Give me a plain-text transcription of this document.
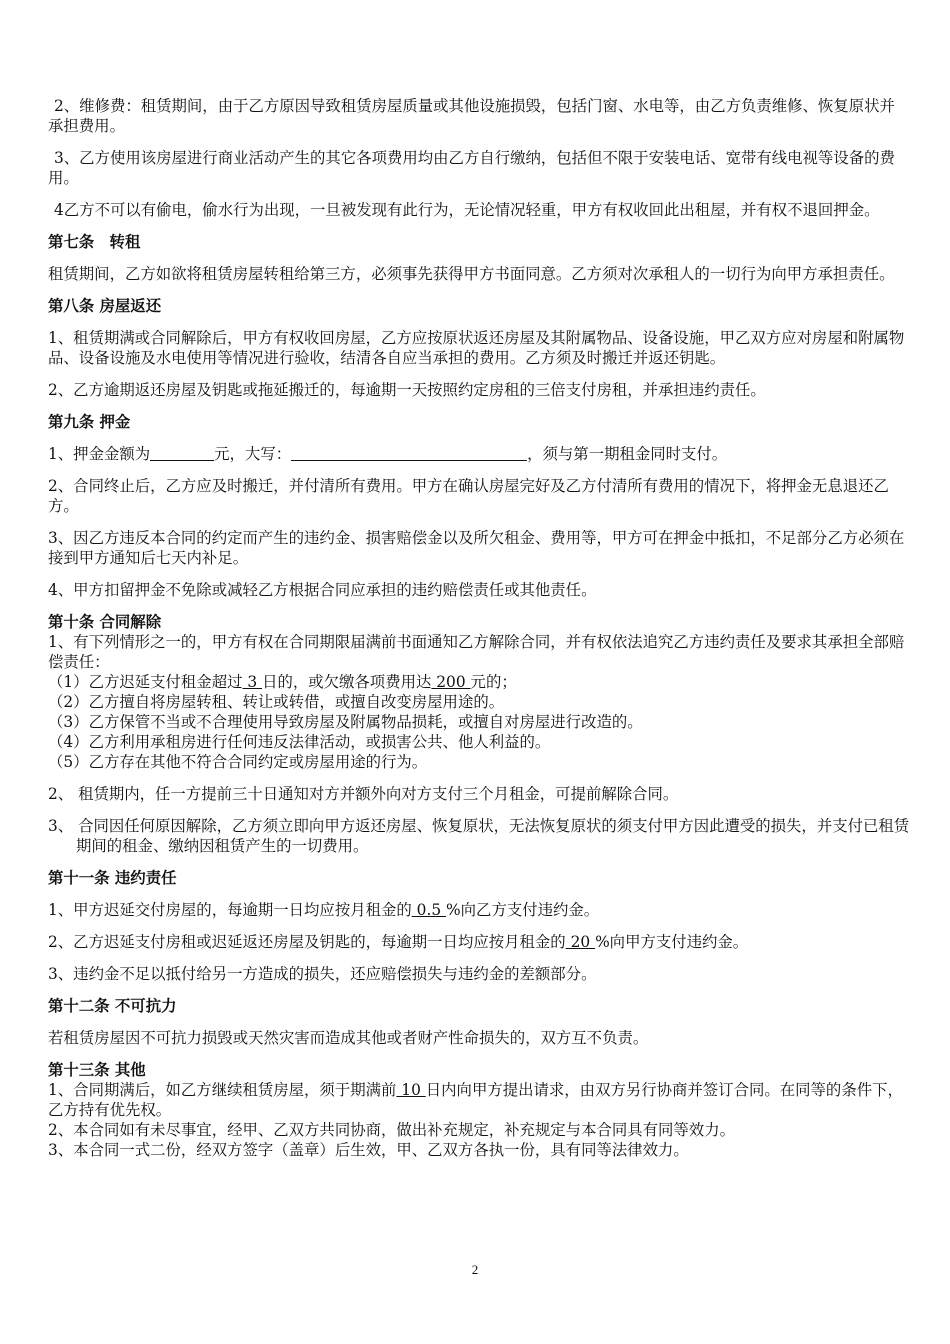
2、维修费：租赁期间，由于乙方原因导致租赁房屋质量或其他设施损毁，包括门窗、水电等，由乙方负责维修、恢复原状并承担费用。

3、乙方使用该房屋进行商业活动产生的其它各项费用均由乙方自行缴纳，包括但不限于安装电话、宽带有线电视等设备的费用。

4乙方不可以有偷电，偷水行为出现，一旦被发现有此行为，无论情况轻重，甲方有权收回此出租屋，并有权不退回押金。

第七条 转租

租赁期间，乙方如欲将租赁房屋转租给第三方，必须事先获得甲方书面同意。乙方须对次承租人的一切行为向甲方承担责任。

第八条 房屋返还

1、租赁期满或合同解除后，甲方有权收回房屋，乙方应按原状返还房屋及其附属物品、设备设施，甲乙双方应对房屋和附属物品、设备设施及水电使用等情况进行验收，结清各自应当承担的费用。乙方须及时搬迁并返还钥匙。

2、乙方逾期返还房屋及钥匙或拖延搬迁的，每逾期一天按照约定房租的三倍支付房租，并承担违约责任。

第九条 押金

1、押金金额为	元，大写：	，须与第一期租金同时支付。

2、合同终止后，乙方应及时搬迁，并付清所有费用。甲方在确认房屋完好及乙方付清所有费用的情况下，将押金无息退还乙方。

3、因乙方违反本合同的约定而产生的违约金、损害赔偿金以及所欠租金、费用等，甲方可在押金中抵扣，不足部分乙方必须在接到甲方通知后七天内补足。

4、甲方扣留押金不免除或减轻乙方根据合同应承担的违约赔偿责任或其他责任。

第十条 合同解除

1、有下列情形之一的，甲方有权在合同期限届满前书面通知乙方解除合同，并有权依法追究乙方违约责任及要求其承担全部赔偿责任：

（1）乙方迟延支付租金超过 3 日的，或欠缴各项费用达 200 元的；

（2）乙方擅自将房屋转租、转让或转借，或擅自改变房屋用途的。

（3）乙方保管不当或不合理使用导致房屋及附属物品损耗，或擅自对房屋进行改造的。

（4）乙方利用承租房进行任何违反法律活动，或损害公共、他人利益的。

（5）乙方存在其他不符合合同约定或房屋用途的行为。

2、 租赁期内，任一方提前三十日通知对方并额外向对方支付三个月租金，可提前解除合同。

3、 合同因任何原因解除，乙方须立即向甲方返还房屋、恢复原状，无法恢复原状的须支付甲方因此遭受的损失，并支付已租赁期间的租金、缴纳因租赁产生的一切费用。

第十一条 违约责任

1、甲方迟延交付房屋的，每逾期一日均应按月租金的 0.5 %向乙方支付违约金。

2、乙方迟延支付房租或迟延返还房屋及钥匙的，每逾期一日均应按月租金的 20 %向甲方支付违约金。

3、违约金不足以抵付给另一方造成的损失，还应赔偿损失与违约金的差额部分。

第十二条 不可抗力

若租赁房屋因不可抗力损毁或天然灾害而造成其他或者财产性命损失的，双方互不负责。

第十三条 其他

1、合同期满后，如乙方继续租赁房屋，须于期满前 10 日内向甲方提出请求，由双方另行协商并签订合同。在同等的条件下，乙方持有优先权。

2、本合同如有未尽事宜，经甲、乙双方共同协商，做出补充规定，补充规定与本合同具有同等效力。

3、本合同一式二份，经双方签字（盖章）后生效，甲、乙双方各执一份，具有同等法律效力。

2
